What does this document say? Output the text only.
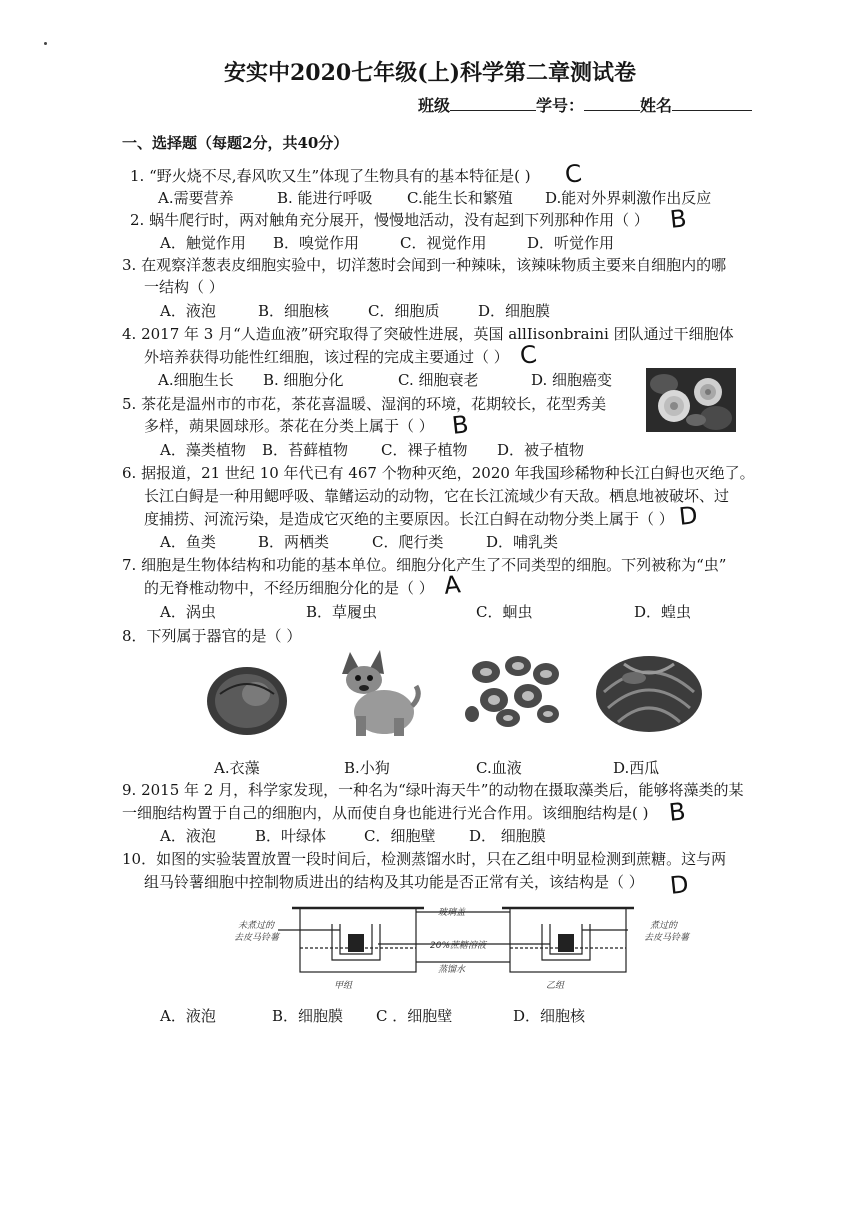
安实中2020七年级(上)科学第二章测试卷
班级	学号：	姓名
一、选择题（每题2分，共40分）
1. “野火烧不尽,春风吹又生”体现了生物具有的基本特征是( )
A.需要营养	B. 能进行呼吸 C.能生长和繁殖 D.能对外界刺激作出反应
C
2. 蜗牛爬行时，两对触角充分展开，慢慢地活动，没有起到下列那种作用（ ）
A．触觉作用 B．嗅觉作用	C．视觉作用	D．听觉作用
B
3. 在观察洋葱表皮细胞实验中，切洋葱时会闻到一种辣味，该辣味物质主要来自细胞内的哪
一结构（ ）
A．液泡	B．细胞核	C．细胞质	D．细胞膜
4. 2017 年 3 月“人造血液”研究取得了突破性进展，英国 allIisonbraini 团队通过干细胞体
外培养获得功能性红细胞，该过程的完成主要通过（ ）
A.细胞生长 B. 细胞分化	C. 细胞衰老	D. 细胞癌变
C
5. 茶花是温州市的市花，茶花喜温暖、湿润的环境，花期较长，花型秀美
多样，蒴果圆球形。茶花在分类上属于（ ）
A．藻类植物 B．苔藓植物 C．裸子植物 D．被子植物
B
6. 据报道，21 世纪 10 年代已有 467 个物种灭绝，2020 年我国珍稀物种长江白鲟也灭绝了。
长江白鲟是一种用鳃呼吸、靠鳍运动的动物，它在长江流域少有天敌。栖息地被破坏、过
度捕捞、河流污染，是造成它灭绝的主要原因。长江白鲟在动物分类上属于（ ）
A．鱼类	B．两栖类	C．爬行类	D．哺乳类
D
7. 细胞是生物体结构和功能的基本单位。细胞分化产生了不同类型的细胞。下列被称为“虫”
的无脊椎动物中，不经历细胞分化的是（ ）
A．涡虫	B．草履虫	C．蛔虫	D．蝗虫
A
8．下列属于器官的是（ ）
A.衣藻	B.小狗	C.血液	D.西瓜
9. 2015 年 2 月，科学家发现，一种名为“绿叶海天牛”的动物在摄取藻类后，能够将藻类的某
一细胞结构置于自己的细胞内，从而使自身也能进行光合作用。该细胞结构是( )
A．液泡	B．叶绿体	C．细胞壁 D． 细胞膜
B
10．如图的实验装置放置一段时间后，检测蒸馏水时，只在乙组中明显检测到蔗糖。这与两
组马铃薯细胞中控制物质进出的结构及其功能是否正常有关，该结构是（ ） D
未煮过的
去皮马铃薯
玻璃盖
20%蔗糖溶液
蒸馏水
煮过的
去皮马铃薯
甲组	乙组
A．液泡	B．细胞膜 C ．细胞壁	D．细胞核
